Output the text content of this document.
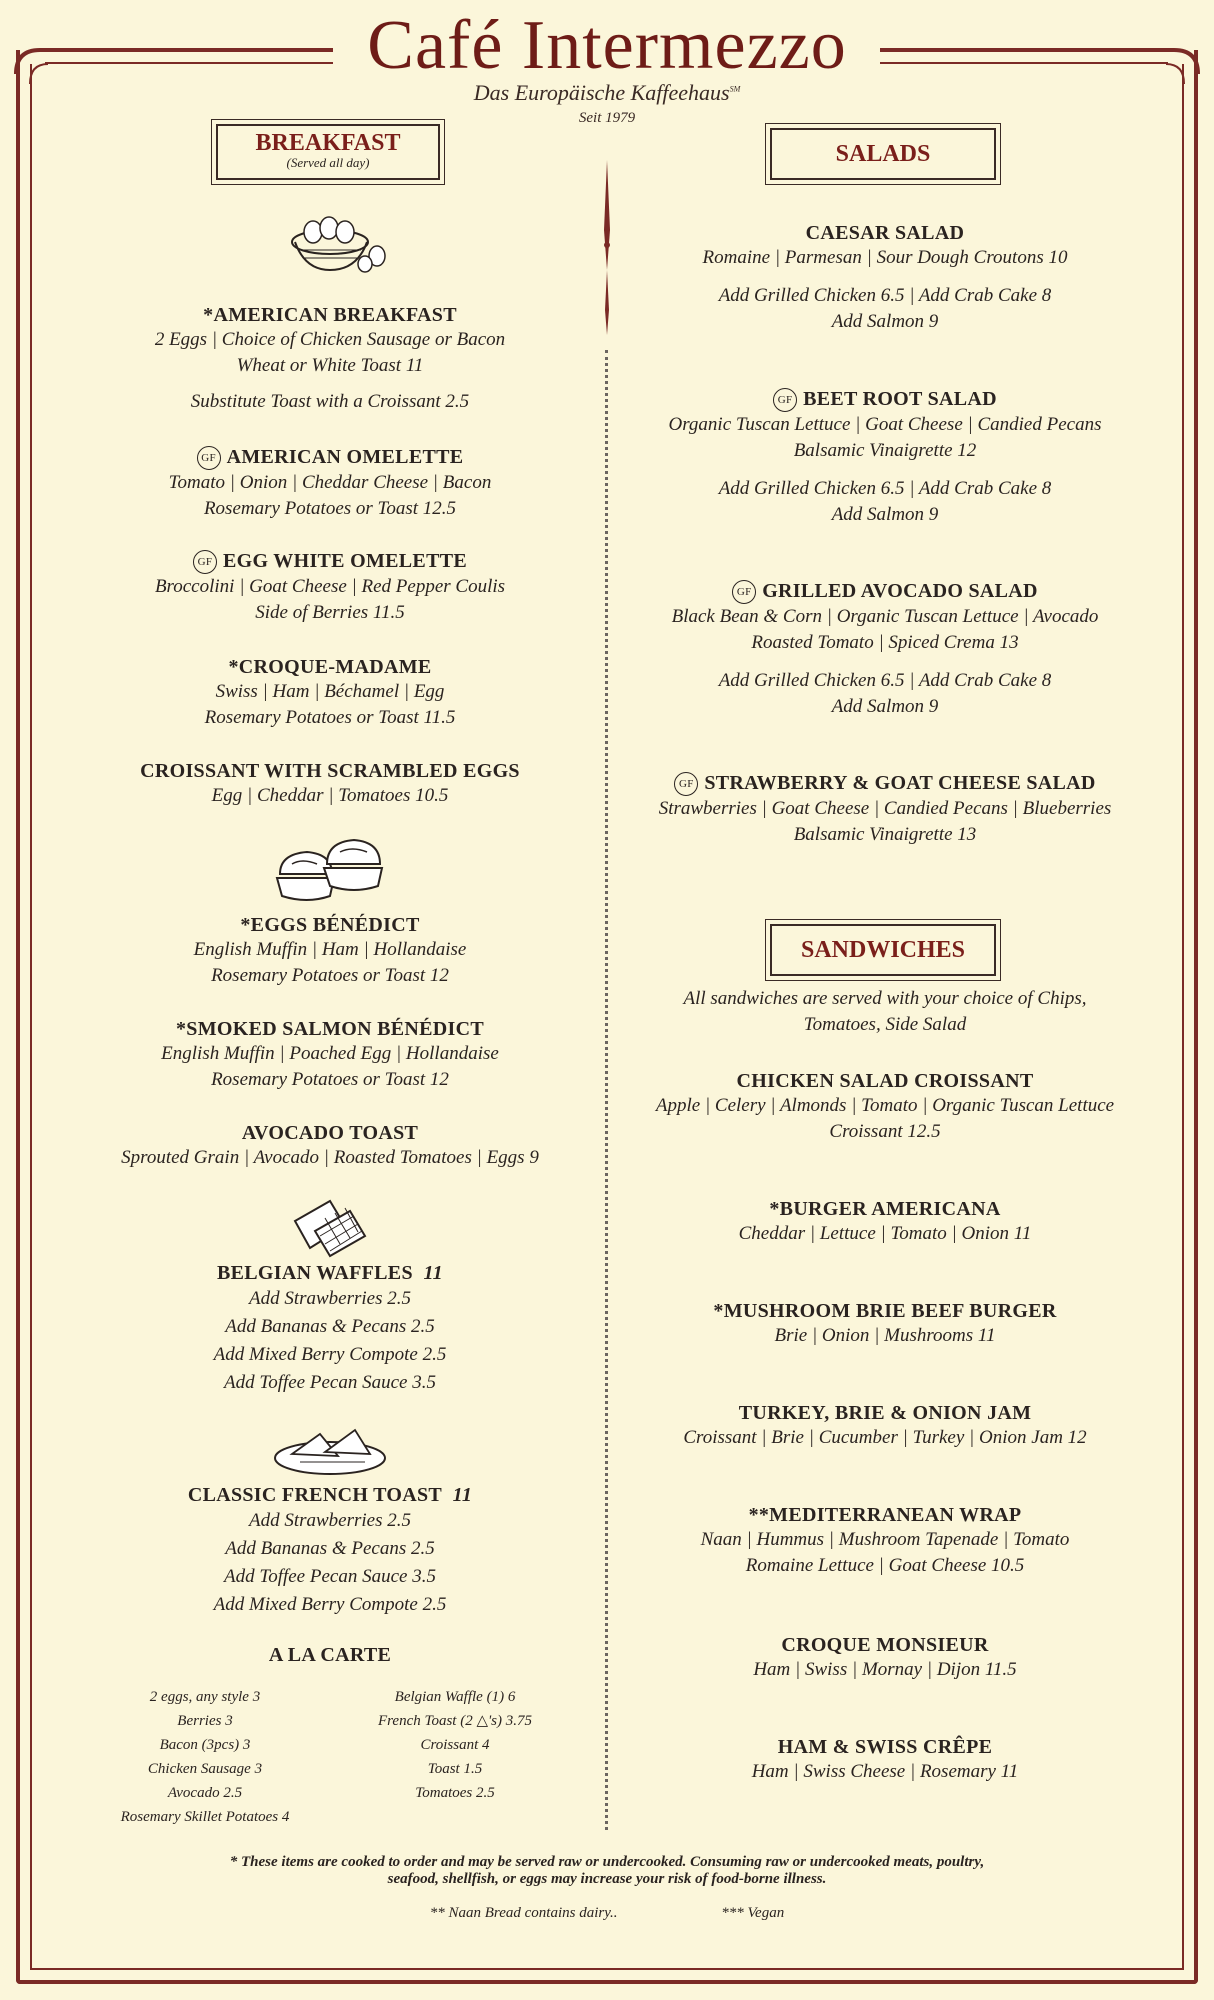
Café Intermezzo
Das Europäische Kaffeehaus℠
Seit 1979
BREAKFAST
(Served all day)
*AMERICAN BREAKFAST
2 Eggs | Choice of Chicken Sausage or Bacon
Wheat or White Toast 11
Substitute Toast with a Croissant 2.5
GF AMERICAN OMELETTE
Tomato | Onion | Cheddar Cheese | Bacon
Rosemary Potatoes or Toast 12.5
GF EGG WHITE OMELETTE
Broccolini | Goat Cheese | Red Pepper Coulis
Side of Berries 11.5
*CROQUE-MADAME
Swiss | Ham | Béchamel | Egg
Rosemary Potatoes or Toast 11.5
CROISSANT WITH SCRAMBLED EGGS
Egg | Cheddar | Tomatoes 10.5
*EGGS BÉNÉDICT
English Muffin | Ham | Hollandaise
Rosemary Potatoes or Toast 12
*SMOKED SALMON BÉNÉDICT
English Muffin | Poached Egg | Hollandaise
Rosemary Potatoes or Toast 12
AVOCADO TOAST
Sprouted Grain | Avocado | Roasted Tomatoes | Eggs 9
BELGIAN WAFFLES 11
Add Strawberries 2.5
Add Bananas & Pecans 2.5
Add Mixed Berry Compote 2.5
Add Toffee Pecan Sauce 3.5
CLASSIC FRENCH TOAST 11
Add Strawberries 2.5
Add Bananas & Pecans 2.5
Add Toffee Pecan Sauce 3.5
Add Mixed Berry Compote 2.5
A LA CARTE
2 eggs, any style 3
Berries 3
Bacon (3pcs) 3
Chicken Sausage 3
Avocado 2.5
Rosemary Skillet Potatoes 4
Belgian Waffle (1) 6
French Toast (2 △'s) 3.75
Croissant 4
Toast 1.5
Tomatoes 2.5
SALADS
CAESAR SALAD
Romaine | Parmesan | Sour Dough Croutons 10
Add Grilled Chicken 6.5 | Add Crab Cake 8
Add Salmon 9
GF BEET ROOT SALAD
Organic Tuscan Lettuce | Goat Cheese | Candied Pecans
Balsamic Vinaigrette 12
Add Grilled Chicken 6.5 | Add Crab Cake 8
Add Salmon 9
GF GRILLED AVOCADO SALAD
Black Bean & Corn | Organic Tuscan Lettuce | Avocado
Roasted Tomato | Spiced Crema 13
Add Grilled Chicken 6.5 | Add Crab Cake 8
Add Salmon 9
GF STRAWBERRY & GOAT CHEESE SALAD
Strawberries | Goat Cheese | Candied Pecans | Blueberries
Balsamic Vinaigrette 13
SANDWICHES
All sandwiches are served with your choice of Chips,
Tomatoes, Side Salad
CHICKEN SALAD CROISSANT
Apple | Celery | Almonds | Tomato | Organic Tuscan Lettuce
Croissant 12.5
*BURGER AMERICANA
Cheddar | Lettuce | Tomato | Onion 11
*MUSHROOM BRIE BEEF BURGER
Brie | Onion | Mushrooms 11
TURKEY, BRIE & ONION JAM
Croissant | Brie | Cucumber | Turkey | Onion Jam 12
**MEDITERRANEAN WRAP
Naan | Hummus | Mushroom Tapenade | Tomato
Romaine Lettuce | Goat Cheese 10.5
CROQUE MONSIEUR
Ham | Swiss | Mornay | Dijon 11.5
HAM & SWISS CRÊPE
Ham | Swiss Cheese | Rosemary 11
* These items are cooked to order and may be served raw or undercooked. Consuming raw or undercooked meats, poultry,
seafood, shellfish, or eggs may increase your risk of food-borne illness.
** Naan Bread contains dairy..	*** Vegan
